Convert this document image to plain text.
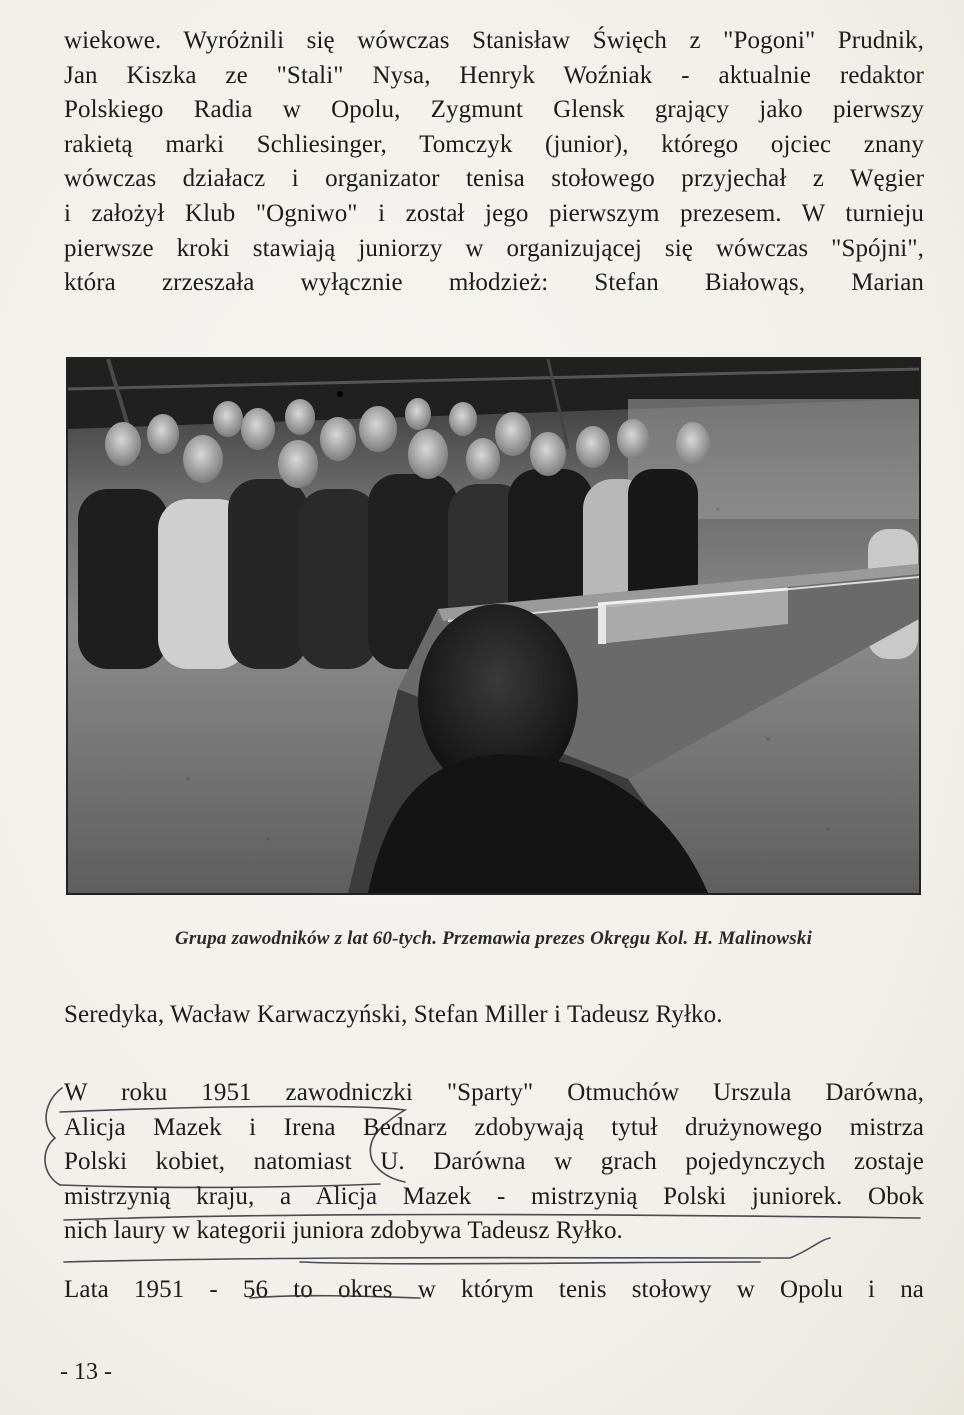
wiekowe. Wyróżnili się wówczas Stanisław Święch z "Pogoni" Prudnik,
Jan Kiszka ze "Stali" Nysa, Henryk Woźniak - aktualnie redaktor
Polskiego Radia w Opolu, Zygmunt Glensk grający jako pierwszy
rakietą marki Schliesinger, Tomczyk (junior), którego ojciec znany
wówczas działacz i organizator tenisa stołowego przyjechał z Węgier
i założył Klub "Ogniwo" i został jego pierwszym prezesem. W turnieju
pierwsze kroki stawiają juniorzy w organizującej się wówczas "Spójni",
która zrzeszała wyłącznie młodzież: Stefan Białowąs, Marian
Grupa zawodników z lat 60-tych. Przemawia prezes Okręgu Kol. H. Malinowski
Seredyka, Wacław Karwaczyński, Stefan Miller i Tadeusz Ryłko.
W roku 1951 zawodniczki "Sparty" Otmuchów Urszula Darówna,
Alicja Mazek i Irena Bednarz zdobywają tytuł drużynowego mistrza
Polski kobiet, natomiast U. Darówna w grach pojedynczych zostaje
mistrzynią kraju, a Alicja Mazek - mistrzynią Polski juniorek. Obok
nich laury w kategorii juniora zdobywa Tadeusz Ryłko.
Lata 1951 - 56 to okres w którym tenis stołowy w Opolu i na
- 13 -
